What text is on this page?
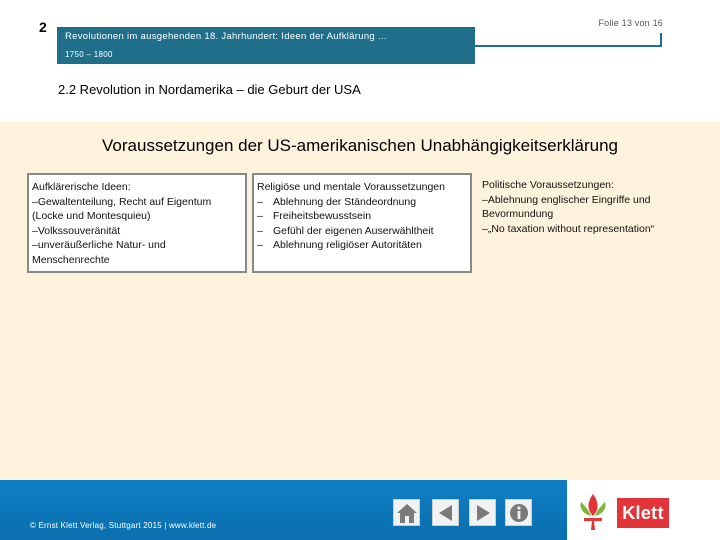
2
Revolutionen im ausgehenden 18. Jahrhundert: Ideen der Aufklärung ...
1750 – 1800
Folie 13 von 16
2.2 Revolution in Nordamerika – die Geburt der USA
Voraussetzungen der US-amerikanischen Unabhängigkeitserklärung
Aufklärerische Ideen:
–Gewaltenteilung, Recht auf Eigentum (Locke und Montesquieu)
–Volkssouveränität
–unveräußerliche Natur- und Menschenrechte
Religiöse und mentale Voraussetzungen
– Ablehnung der Ständeordnung
– Freiheitsbewusstsein
– Gefühl der eigenen Auserwähltheit
– Ablehnung religiöser Autoritäten
Politische Voraussetzungen:
–Ablehnung englischer Eingriffe und Bevormundung
–„No taxation without representation“
© Ernst Klett Verlag, Stuttgart 2015 | www.klett.de
Klett
